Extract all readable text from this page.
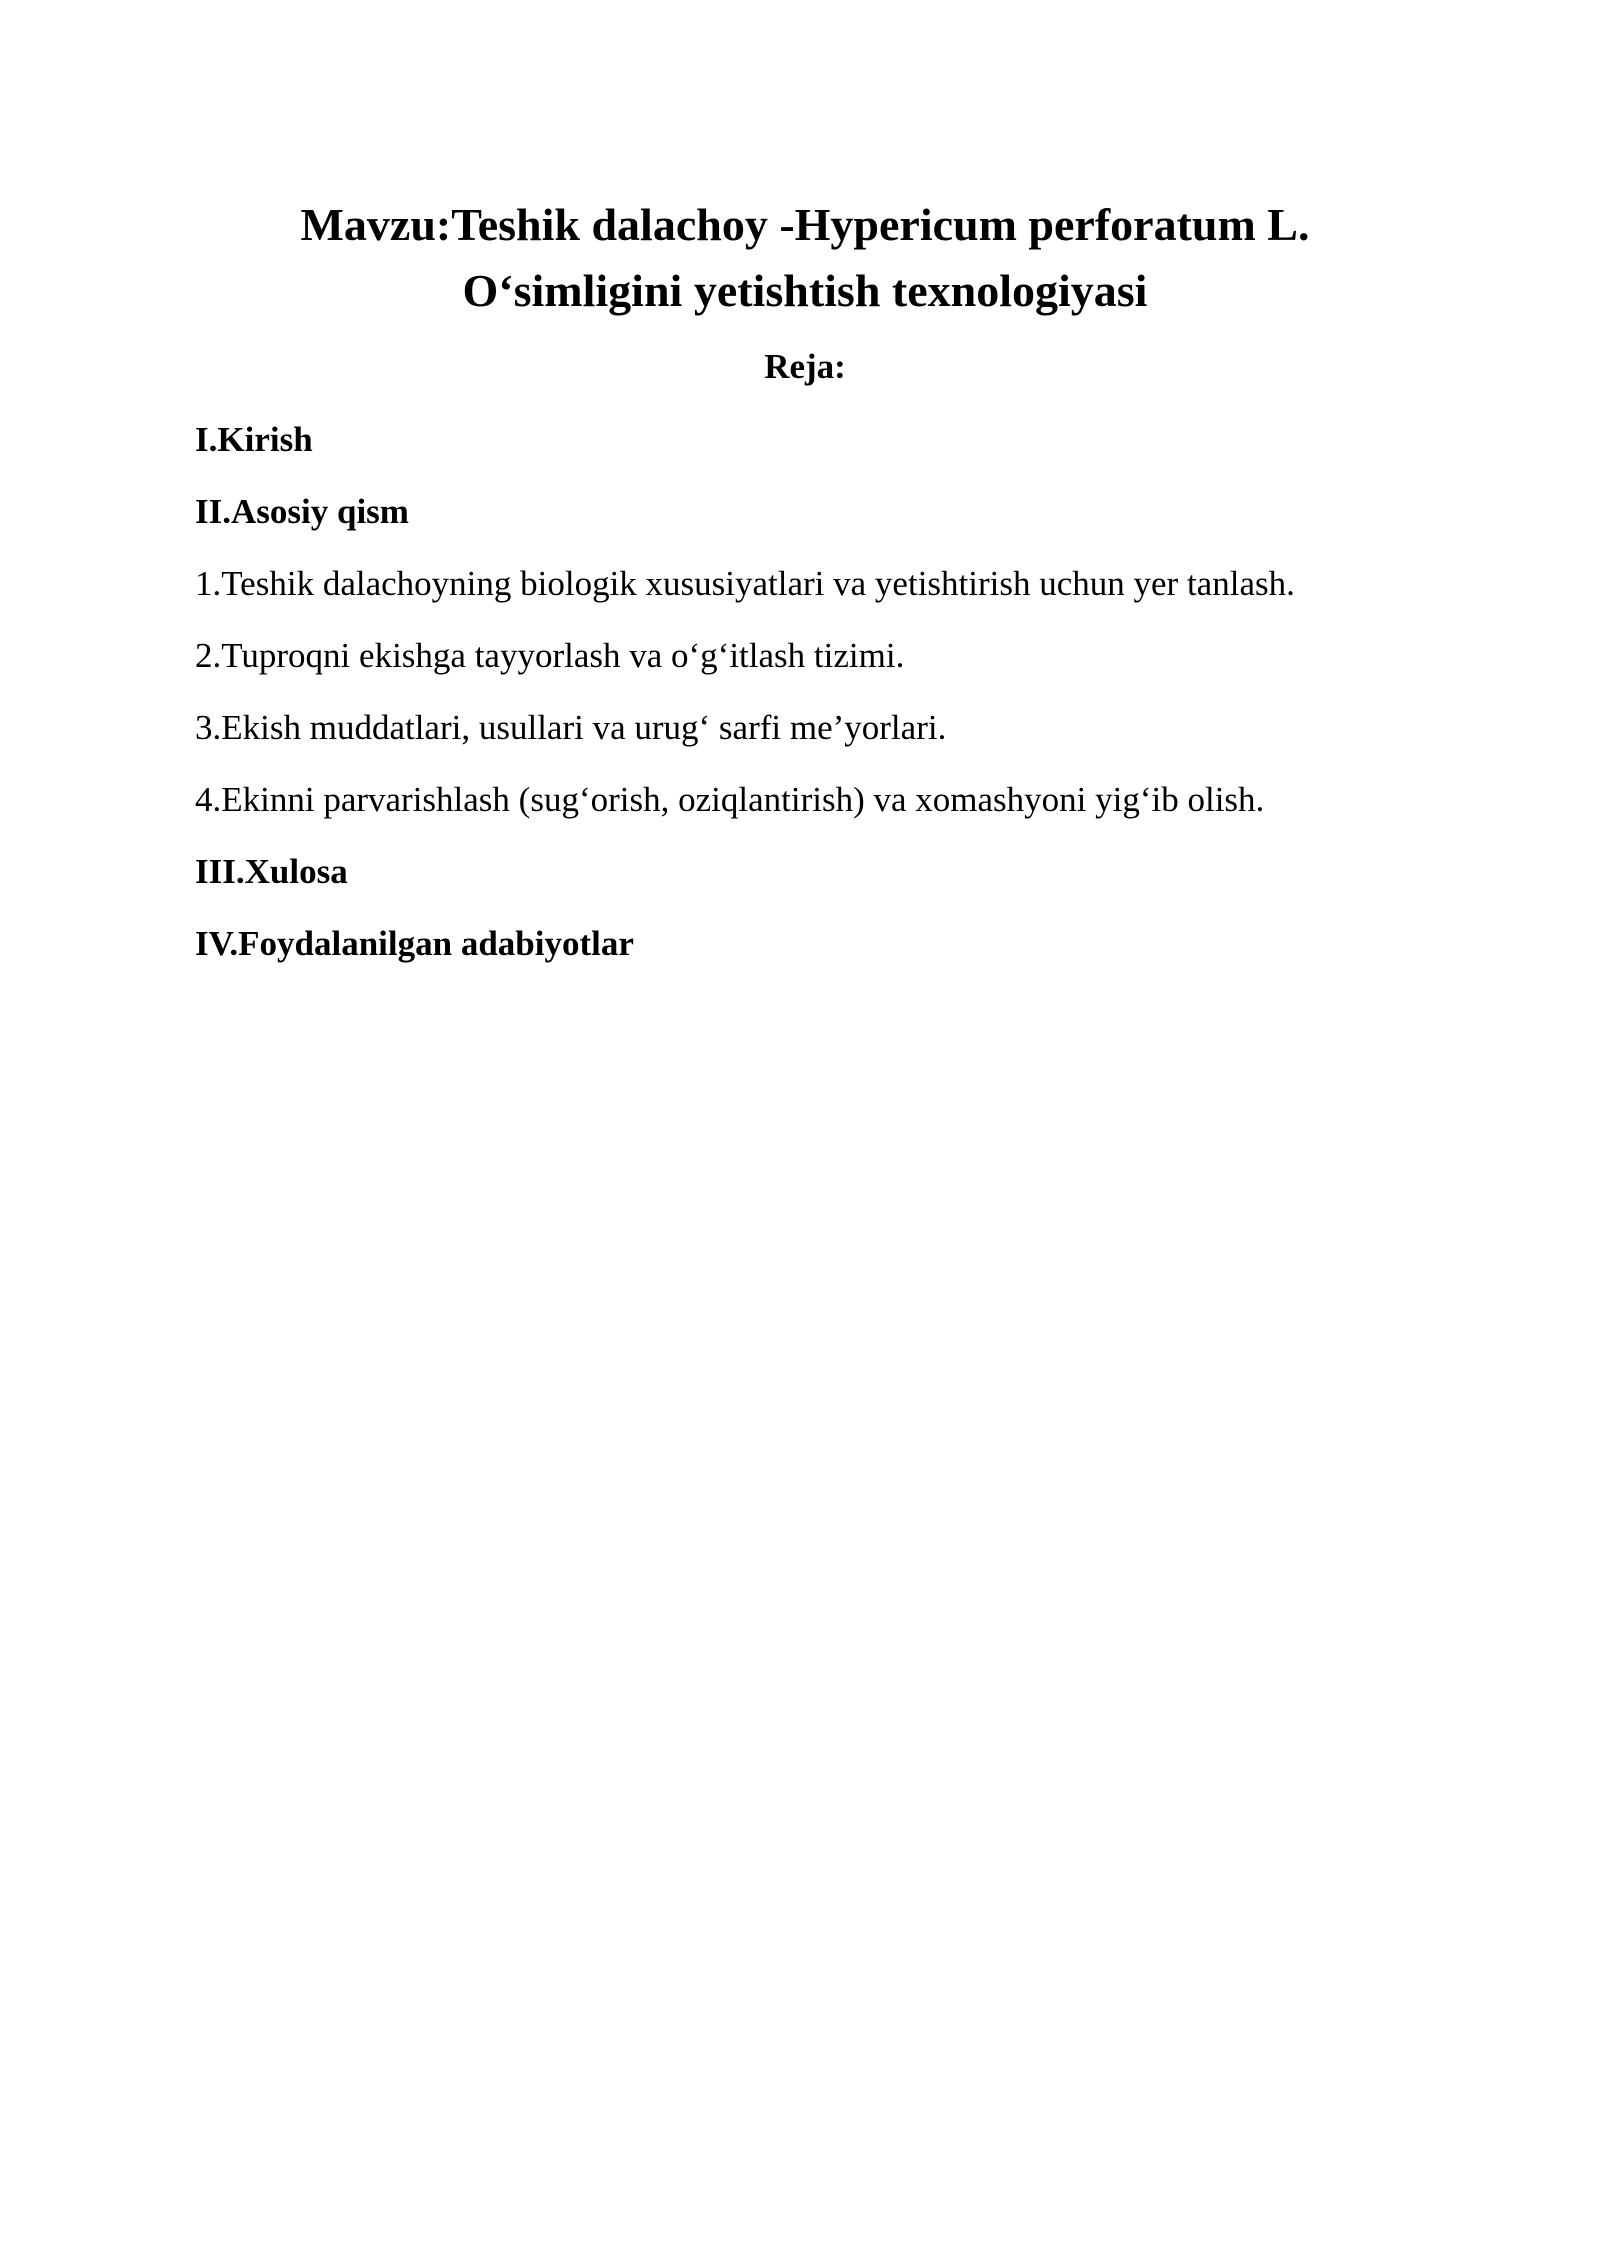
Mavzu:Teshik dalachoy -Hypericum perforatum L.
O‘simligini yetishtish texnologiyasi
Reja:
I.Kirish
II.Asosiy qism
1.Teshik dalachoyning biologik xususiyatlari va yetishtirish uchun yer tanlash.
2.Tuproqni ekishga tayyorlash va o‘g‘itlash tizimi.
3.Ekish muddatlari, usullari va urug‘ sarfi me’yorlari.
4.Ekinni parvarishlash (sug‘orish, oziqlantirish) va xomashyoni yig‘ib olish.
III.Xulosa
IV.Foydalanilgan adabiyotlar
